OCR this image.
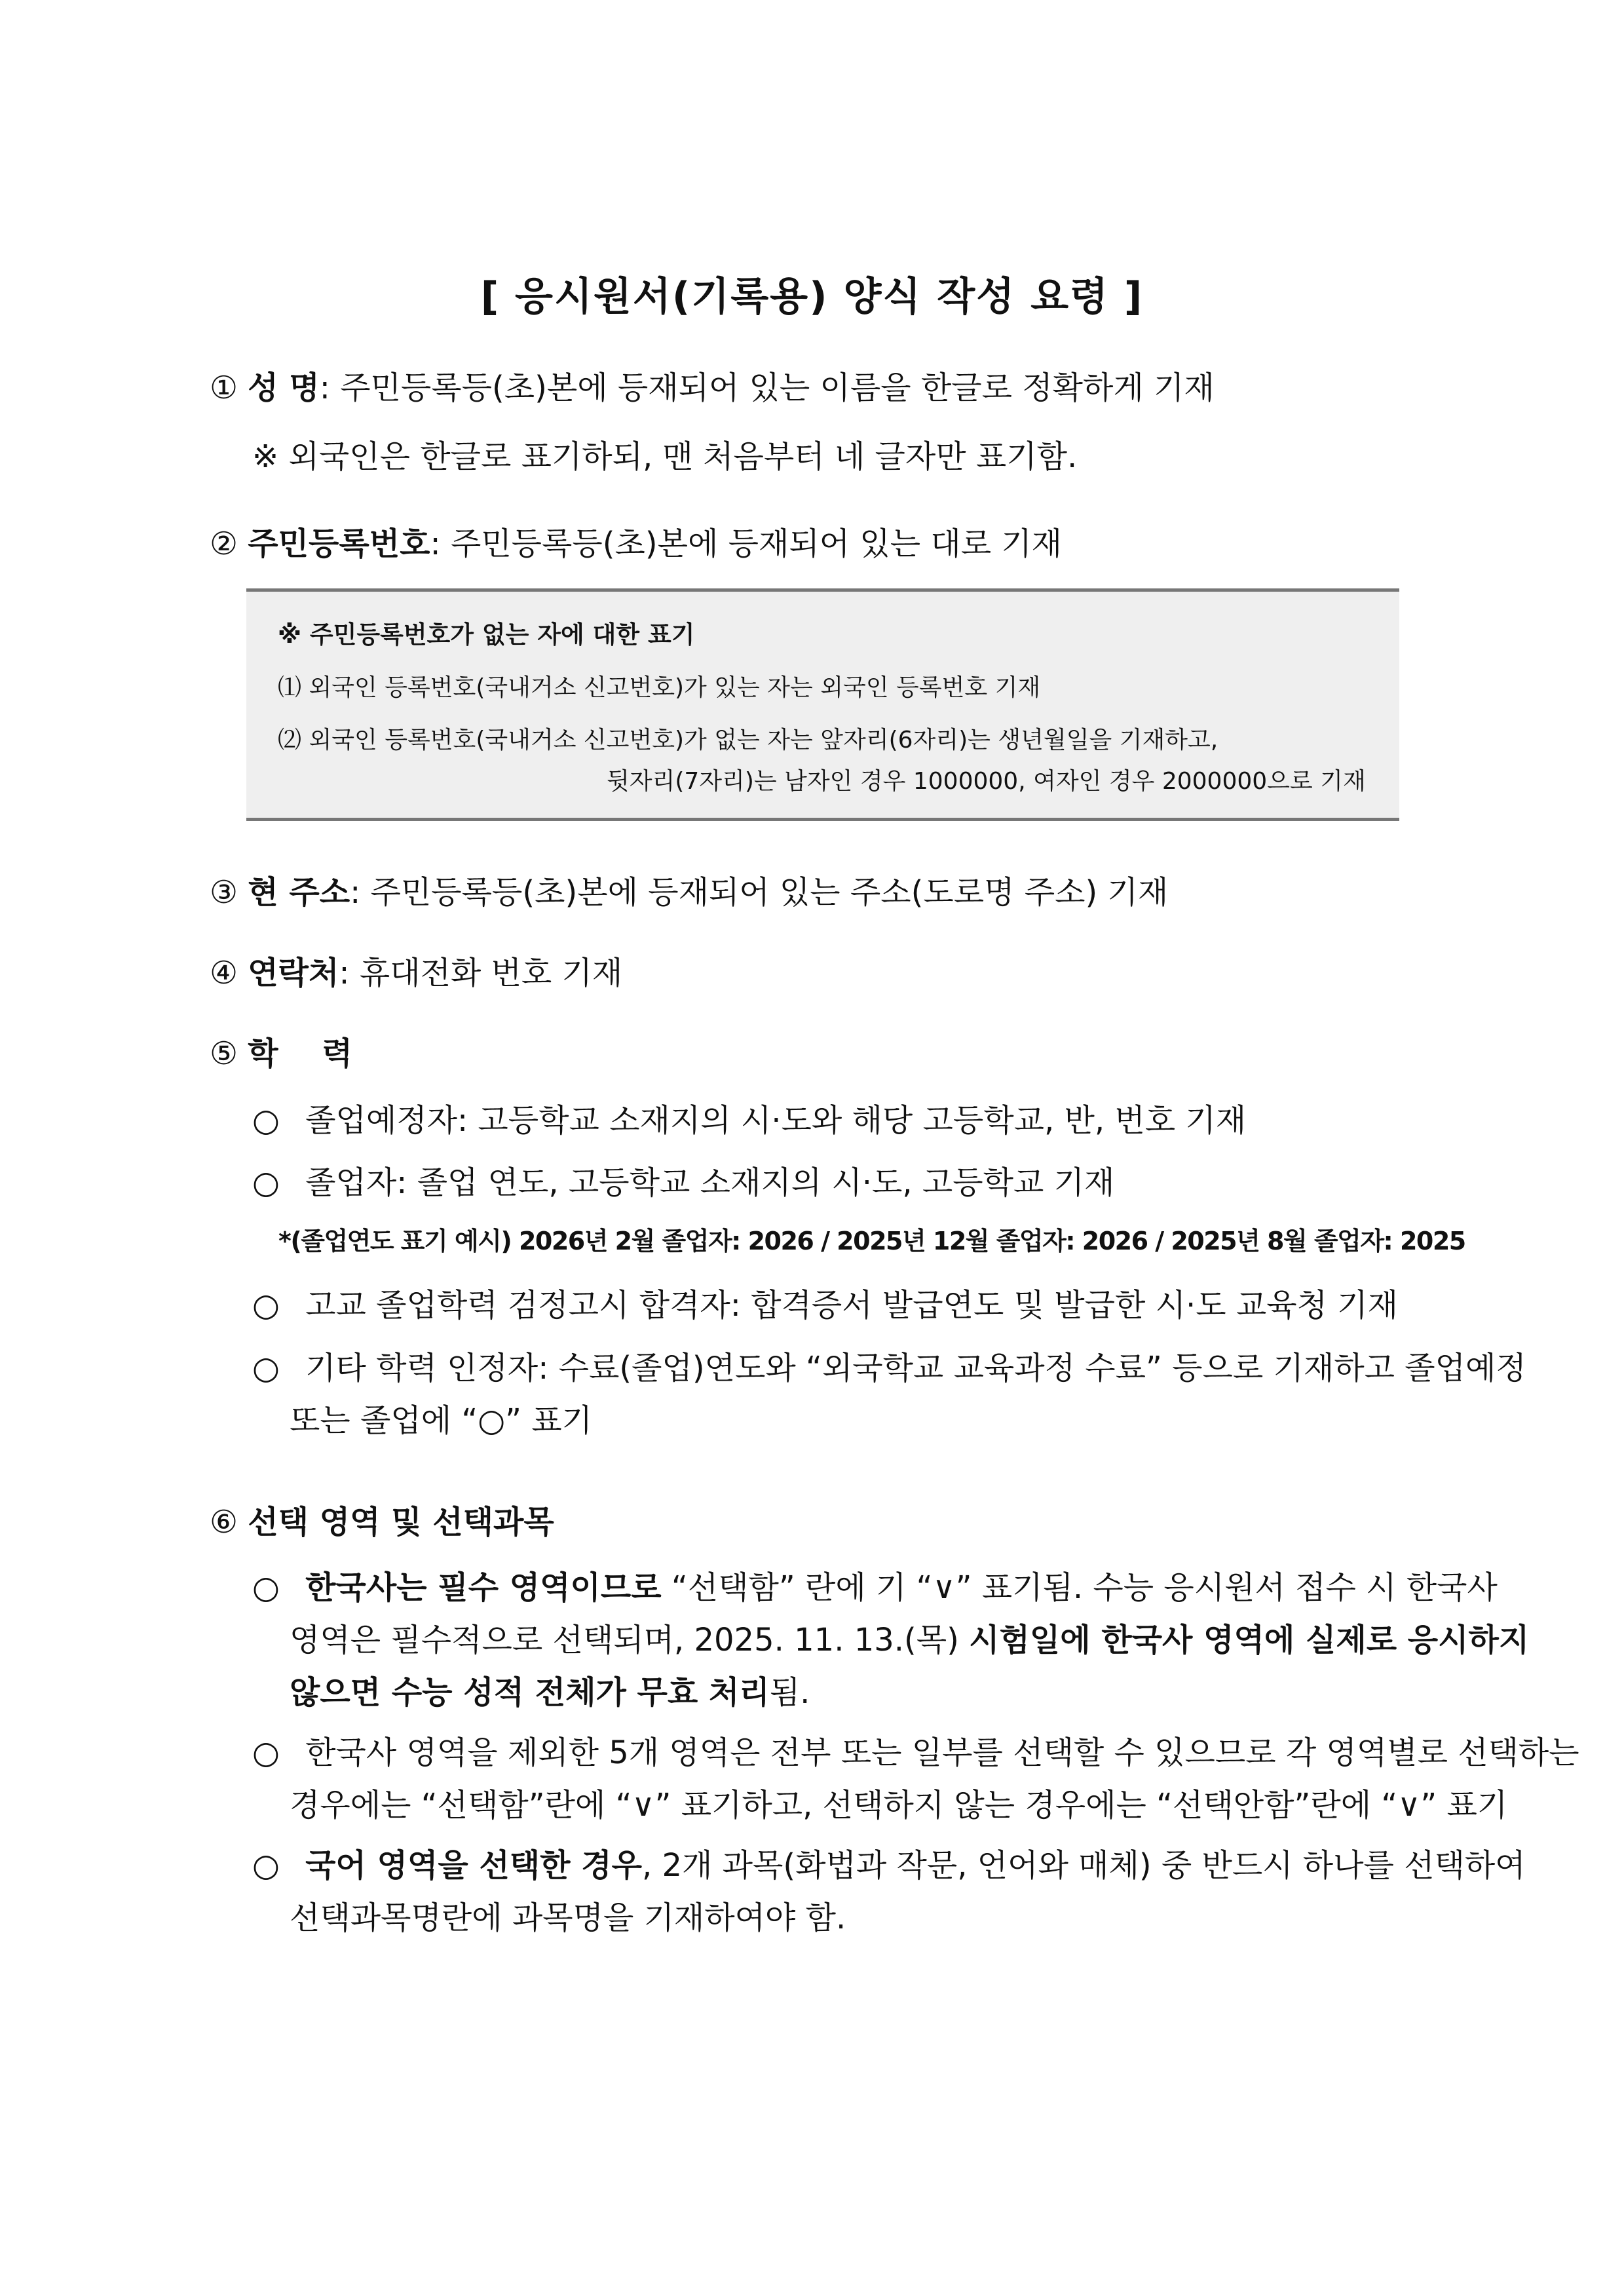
[ 응시원서(기록용) 양식 작성 요령 ]
① 성 명: 주민등록등(초)본에 등재되어 있는 이름을 한글로 정확하게 기재
※ 외국인은 한글로 표기하되, 맨 처음부터 네 글자만 표기함.
② 주민등록번호: 주민등록등(초)본에 등재되어 있는 대로 기재
※ 주민등록번호가 없는 자에 대한 표기
⑴ 외국인 등록번호(국내거소 신고번호)가 있는 자는 외국인 등록번호 기재
⑵ 외국인 등록번호(국내거소 신고번호)가 없는 자는 앞자리(6자리)는 생년월일을 기재하고,
뒷자리(7자리)는 남자인 경우 1000000, 여자인 경우 2000000으로 기재
③ 현 주소: 주민등록등(초)본에 등재되어 있는 주소(도로명 주소) 기재
④ 연락처: 휴대전화 번호 기재
⑤ 학    력
○ 졸업예정자: 고등학교 소재지의 시·도와 해당 고등학교, 반, 번호 기재
○ 졸업자: 졸업 연도, 고등학교 소재지의 시·도, 고등학교 기재
*(졸업연도 표기 예시) 2026년 2월 졸업자: 2026 / 2025년 12월 졸업자: 2026 / 2025년 8월 졸업자: 2025
○ 고교 졸업학력 검정고시 합격자: 합격증서 발급연도 및 발급한 시·도 교육청 기재
○ 기타 학력 인정자: 수료(졸업)연도와 “외국학교 교육과정 수료” 등으로 기재하고 졸업예정
또는 졸업에 “○” 표기
⑥ 선택 영역 및 선택과목
○ 한국사는 필수 영역이므로 “선택함” 란에 기 “∨” 표기됨. 수능 응시원서 접수 시 한국사
영역은 필수적으로 선택되며, 2025. 11. 13.(목) 시험일에 한국사 영역에 실제로 응시하지
않으면 수능 성적 전체가 무효 처리됨.
○ 한국사 영역을 제외한 5개 영역은 전부 또는 일부를 선택할 수 있으므로 각 영역별로 선택하는
경우에는 “선택함”란에 “∨” 표기하고, 선택하지 않는 경우에는 “선택안함”란에 “∨” 표기
○ 국어 영역을 선택한 경우, 2개 과목(화법과 작문, 언어와 매체) 중 반드시 하나를 선택하여
선택과목명란에 과목명을 기재하여야 함.
